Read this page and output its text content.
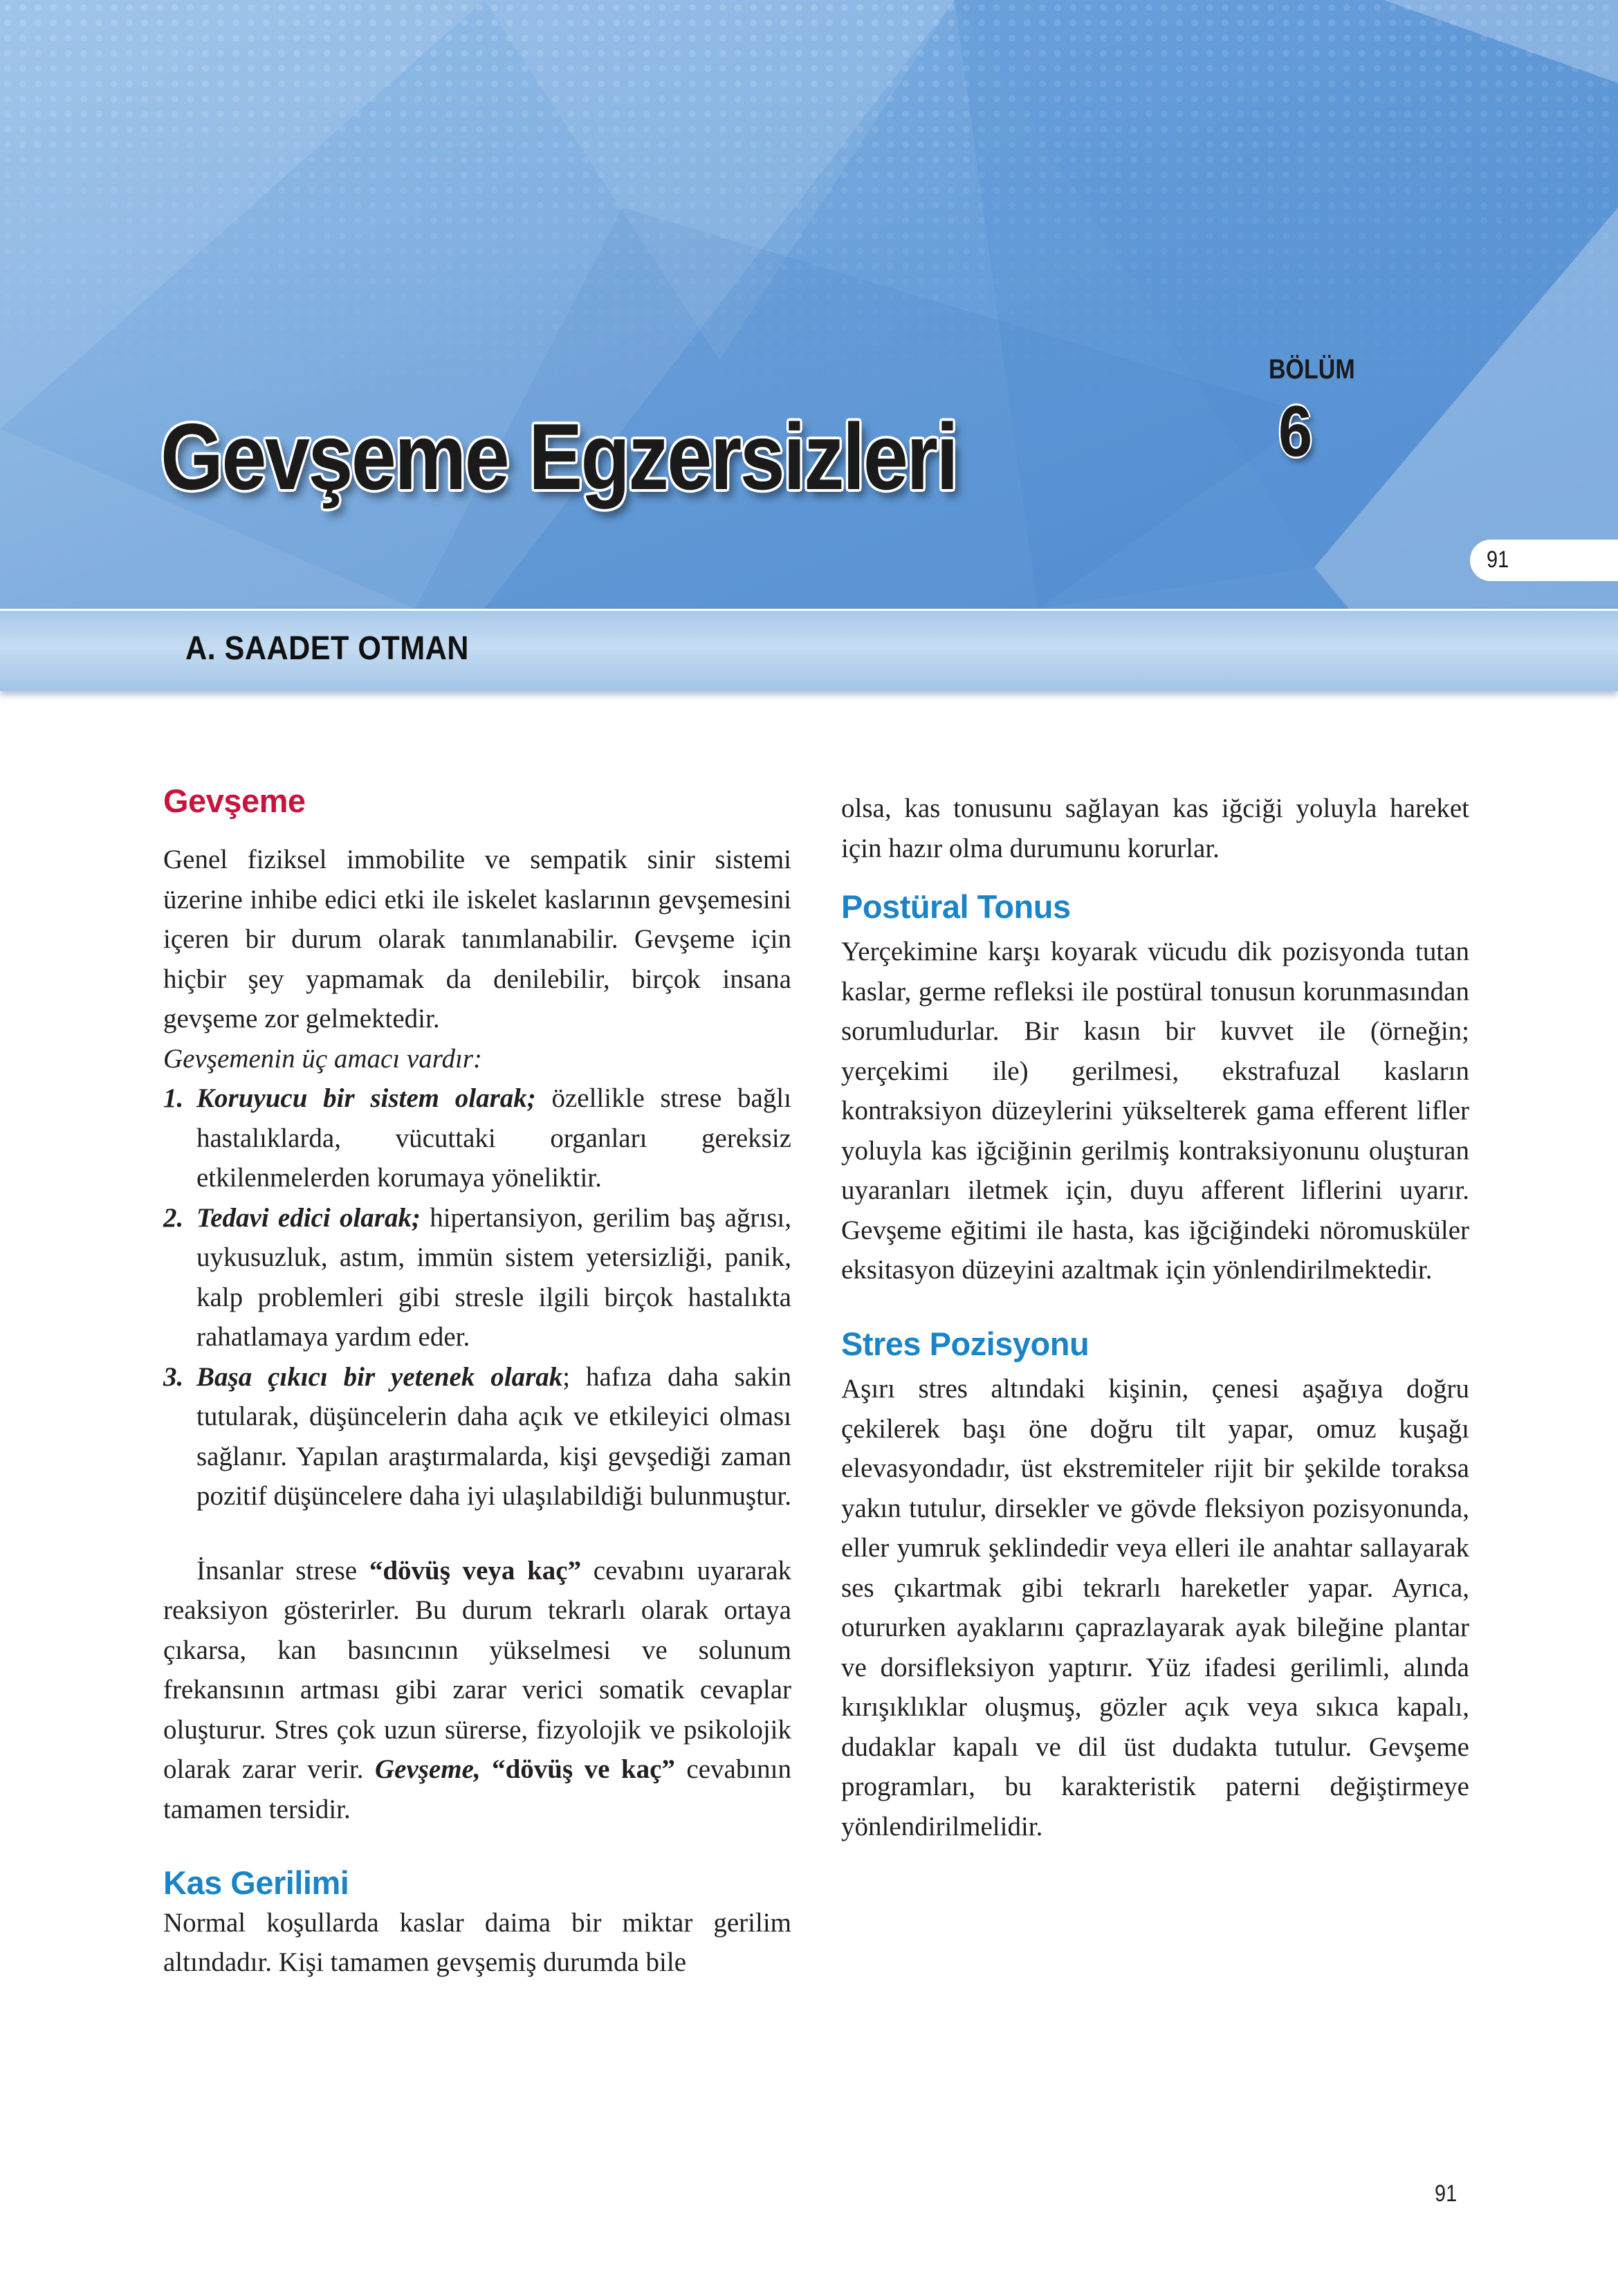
Gevşeme Egzersizleri
BÖLÜM
6
91
A. SAADET OTMAN
Gevşeme

Genel fiziksel immobilite ve sempatik sinir sistemi üzerine inhibe edici etki ile iskelet kaslarının gevşemesini içeren bir durum olarak tanımlanabilir. Gevşeme için hiçbir şey yapmamak da denilebilir, birçok insana gevşeme zor gelmektedir.

Gevşemenin üç amacı vardır:

1. Koruyucu bir sistem olarak; özellikle strese bağlı hastalıklarda, vücuttaki organları gereksiz etkilenmelerden korumaya yöneliktir.

2. Tedavi edici olarak; hipertansiyon, gerilim baş ağrısı, uykusuzluk, astım, immün sistem yetersizliği, panik, kalp problemleri gibi stresle ilgili birçok hastalıkta rahatlamaya yardım eder.

3. Başa çıkıcı bir yetenek olarak; hafıza daha sakin tutularak, düşüncelerin daha açık ve etkileyici olması sağlanır. Yapılan araştırmalarda, kişi gevşediği zaman pozitif düşüncelere daha iyi ulaşılabildiği bulunmuştur.

İnsanlar strese “dövüş veya kaç” cevabını uyararak reaksiyon gösterirler. Bu durum tekrarlı olarak ortaya çıkarsa, kan basıncının yükselmesi ve solunum frekansının artması gibi zarar verici somatik cevaplar oluşturur. Stres çok uzun sürerse, fizyolojik ve psikolojik olarak zarar verir. Gevşeme, “dövüş ve kaç” cevabının tamamen tersidir.

Kas Gerilimi

Normal koşullarda kaslar daima bir miktar gerilim altındadır. Kişi tamamen gevşemiş durumda bile

olsa, kas tonusunu sağlayan kas iğciği yoluyla hareket için hazır olma durumunu korurlar.

Postüral Tonus

Yerçekimine karşı koyarak vücudu dik pozisyonda tutan kaslar, germe refleksi ile postüral tonusun korunmasından sorumludurlar. Bir kasın bir kuvvet ile (örneğin; yerçekimi ile) gerilmesi, ekstrafuzal kasların kontraksiyon düzeylerini yükselterek gama efferent lifler yoluyla kas iğciğinin gerilmiş kontraksiyonunu oluşturan uyaranları iletmek için, duyu afferent liflerini uyarır. Gevşeme eğitimi ile hasta, kas iğciğindeki nöromusküler eksitasyon düzeyini azaltmak için yönlendirilmektedir.

Stres Pozisyonu

Aşırı stres altındaki kişinin, çenesi aşağıya doğru çekilerek başı öne doğru tilt yapar, omuz kuşağı elevasyondadır, üst ekstremiteler rijit bir şekilde toraksa yakın tutulur, dirsekler ve gövde fleksiyon pozisyonunda, eller yumruk şeklindedir veya elleri ile anahtar sallayarak ses çıkartmak gibi tekrarlı hareketler yapar. Ayrıca, otururken ayaklarını çaprazlayarak ayak bileğine plantar ve dorsifleksiyon yaptırır. Yüz ifadesi gerilimli, alında kırışıklıklar oluşmuş, gözler açık veya sıkıca kapalı, dudaklar kapalı ve dil üst dudakta tutulur. Gevşeme programları, bu karakteristik paterni değiştirmeye yönlendirilmelidir.

91
